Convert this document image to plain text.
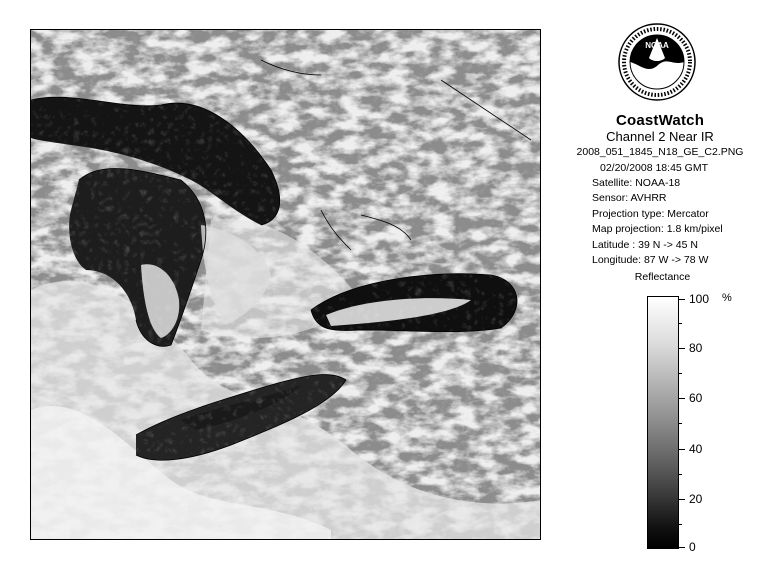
NOAA
CoastWatch
Channel 2 Near IR
2008_051_1845_N18_GE_C2.PNG
Satellite: NOAA-18
Sensor: AVHRR
Projection type: Mercator
Map projection: 1.8 km/pixel
Latitude : 39 N -> 45 N
Longitude: 87 W -> 78 W
02/20/2008 18:45 GMT
Reflectance
%
100
80
60
40
20
0
